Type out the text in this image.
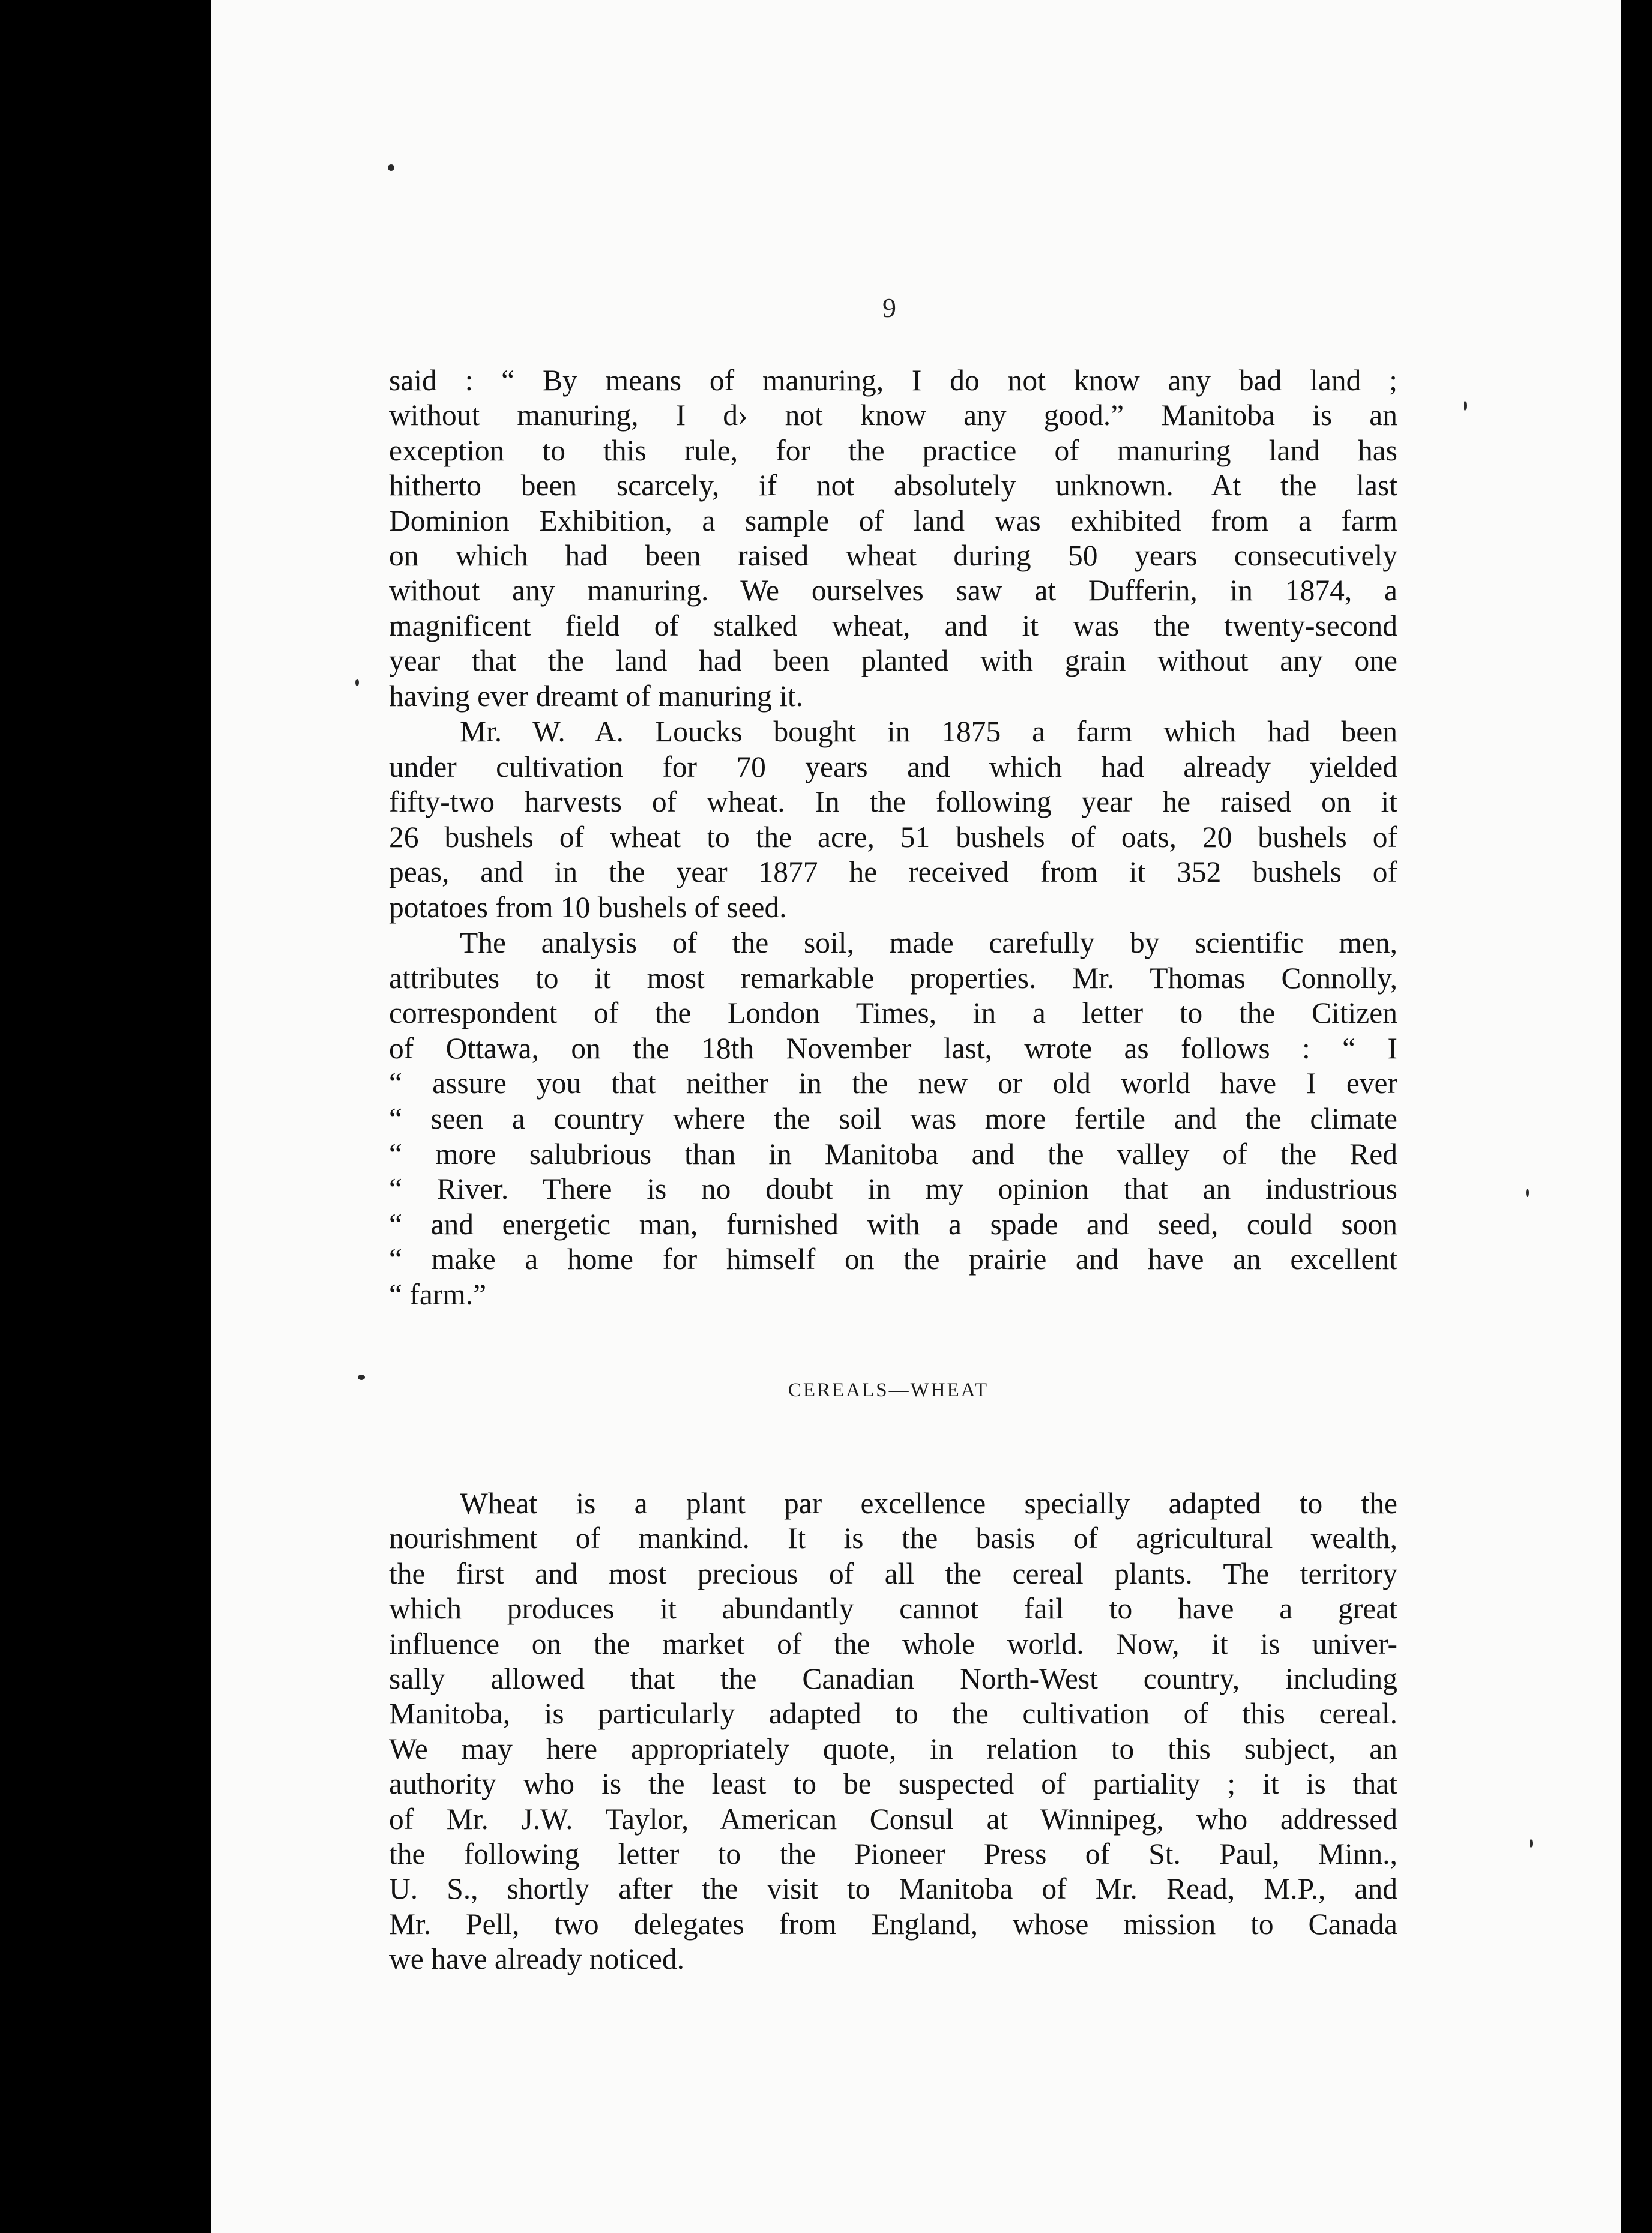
9
said : “ By means of manuring, I do not know any bad land ;
without manuring, I d› not know any good.” Manitoba is an
exception to this rule, for the practice of manuring land has
hitherto been scarcely, if not absolutely unknown. At the last
Dominion Exhibition, a sample of land was exhibited from a farm
on which had been raised wheat during 50 years consecutively
without any manuring. We ourselves saw at Dufferin, in 1874, a
magnificent field of stalked wheat, and it was the twenty-second
year that the land had been planted with grain without any one
having ever dreamt of manuring it.
Mr. W. A. Loucks bought in 1875 a farm which had been
under cultivation for 70 years and which had already yielded
fifty-two harvests of wheat. In the following year he raised on it
26 bushels of wheat to the acre, 51 bushels of oats, 20 bushels of
peas, and in the year 1877 he received from it 352 bushels of
potatoes from 10 bushels of seed.
The analysis of the soil, made carefully by scientific men,
attributes to it most remarkable properties. Mr. Thomas Connolly,
correspondent of the London Times, in a letter to the Citizen
of Ottawa, on the 18th November last, wrote as follows : “ I
“ assure you that neither in the new or old world have I ever
“ seen a country where the soil was more fertile and the climate
“ more salubrious than in Manitoba and the valley of the Red
“ River. There is no doubt in my opinion that an industrious
“ and energetic man, furnished with a spade and seed, could soon
“ make a home for himself on the prairie and have an excellent
“ farm.”
CEREALS—WHEAT
Wheat is a plant par excellence specially adapted to the
nourishment of mankind. It is the basis of agricultural wealth,
the first and most precious of all the cereal plants. The territory
which produces it abundantly cannot fail to have a great
influence on the market of the whole world. Now, it is univer-
sally allowed that the Canadian North-West country, including
Manitoba, is particularly adapted to the cultivation of this cereal.
We may here appropriately quote, in relation to this subject, an
authority who is the least to be suspected of partiality ; it is that
of Mr. J.W. Taylor, American Consul at Winnipeg, who addressed
the following letter to the Pioneer Press of St. Paul, Minn.,
U. S., shortly after the visit to Manitoba of Mr. Read, M.P., and
Mr. Pell, two delegates from England, whose mission to Canada
we have already noticed.
